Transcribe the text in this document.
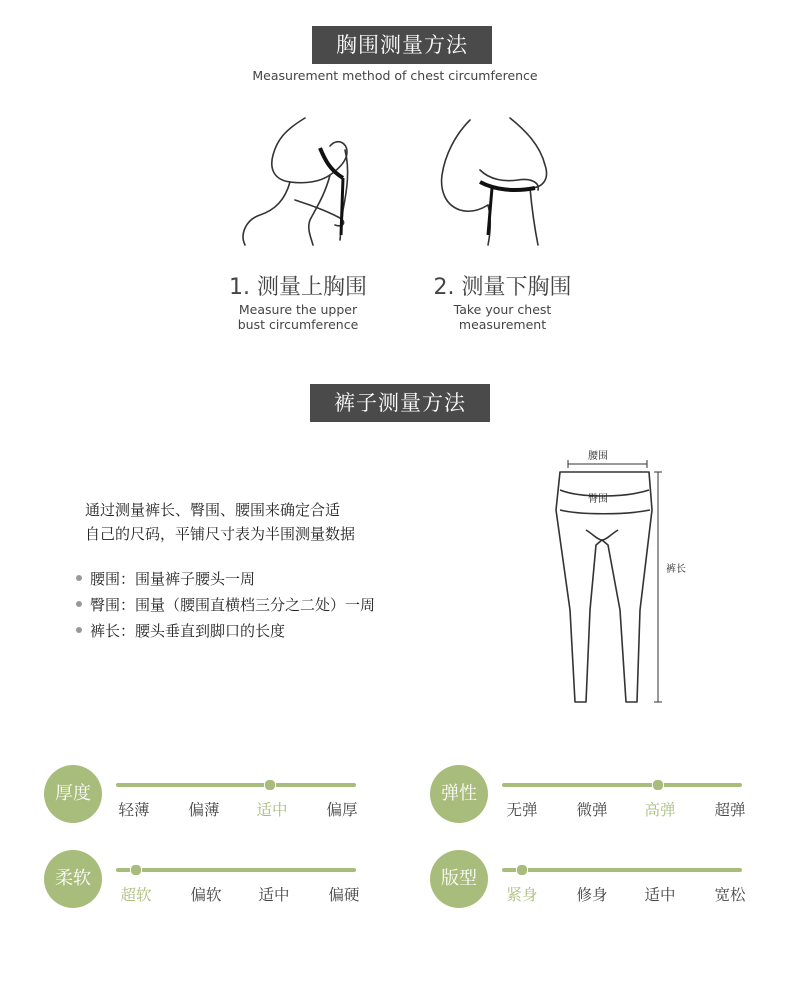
胸围测量方法
Measurement method of chest circumference
1. 测量上胸围
Measure the upper
bust circumference
2. 测量下胸围
Take your chest
measurement
裤子测量方法
通过测量裤长、臀围、腰围来确定合适
自己的尺码，平铺尺寸表为半围测量数据
腰围：围量裤子腰头一周
臀围：围量（腰围直横档三分之二处）一周
裤长：腰头垂直到脚口的长度
腰围
臀围
裤长
厚度
轻薄	偏薄	适中	偏厚
弹性
无弹	微弹	高弹	超弹
柔软
超软	偏软	适中	偏硬
版型
紧身	修身	适中	宽松
